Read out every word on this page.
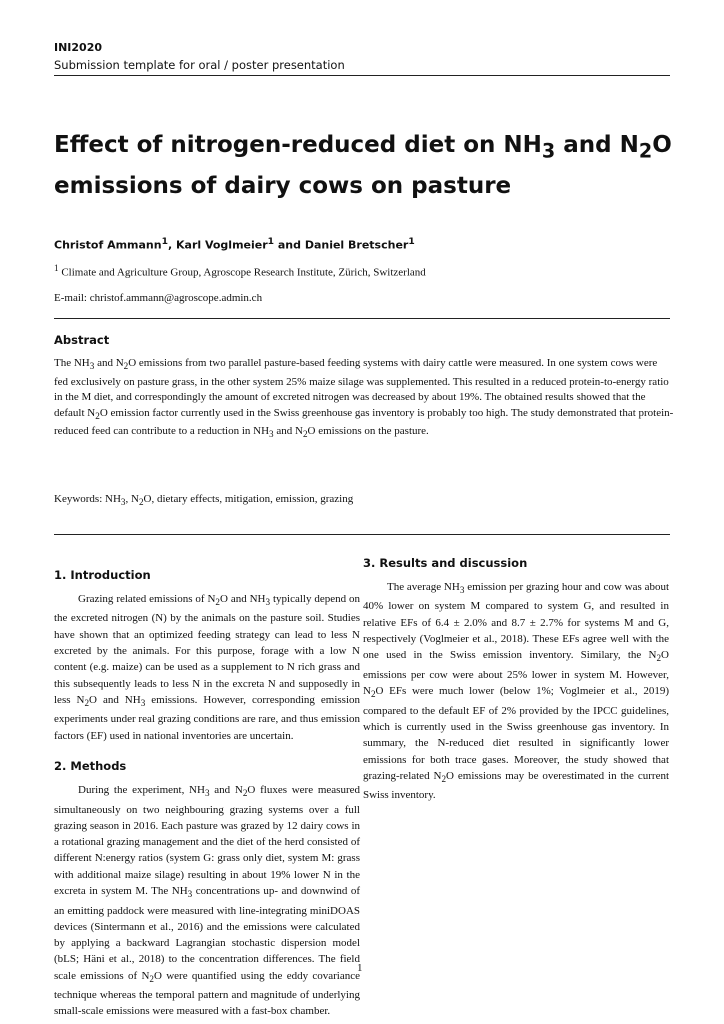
INI2020
Submission template for oral / poster presentation
Effect of nitrogen-reduced diet on $NH_3$ and $N_2O$
emissions of dairy cows on pasture
Christof Ammann$^1$, Karl Voglmeier$^1$ and Daniel Bretscher$^1$
$^1$ Climate and Agriculture Group, Agroscope Research Institute, Zürich, Switzerland
E-mail: christof.ammann@agroscope.admin.ch
Abstract

The $NH_3$ and $N_2O$ emissions from two parallel pasture-based feeding systems with dairy cattle were measured. In one system cows were fed exclusively on pasture grass, in the other system 25% maize silage was supplemented. This resulted in a reduced protein-to-energy ratio in the M diet, and correspondingly the amount of excreted nitrogen was decreased by about 19%. The obtained results showed that the default $N_2O$ emission factor currently used in the Swiss greenhouse gas inventory is probably too high. The study demonstrated that protein-reduced feed can contribute to a reduction in $NH_3$ and $N_2O$ emissions on the pasture.

Keywords: $NH_3$, $N_2O$, dietary effects, mitigation, emission, grazing

1. Introduction

Grazing related emissions of $N_2O$ and $NH_3$ typically depend on the excreted nitrogen (N) by the animals on the pasture soil. Studies have shown that an optimized feeding strategy can lead to less N excreted by the animals. For this purpose, forage with a low N content (e.g. maize) can be used as a supplement to N rich grass and this subsequently leads to less N in the excreta N and supposedly in less $N_2O$ and $NH_3$ emissions. However, corresponding emission experiments under real grazing conditions are rare, and thus emission factors (EF) used in national inventories are uncertain.

2. Methods

During the experiment, $NH_3$ and $N_2O$ fluxes were measured simultaneously on two neighbouring grazing systems over a full grazing season in 2016. Each pasture was grazed by 12 dairy cows in a rotational grazing management and the diet of the herd consisted of different N:energy ratios (system G: grass only diet, system M: grass with additional maize silage) resulting in about 19% lower N in the excreta in system M. The $NH_3$ concentrations up- and downwind of an emitting paddock were measured with line-integrating miniDOAS devices (Sintermann et al., 2016) and the emissions were calculated by applying a backward Lagrangian stochastic dispersion model (bLS; Häni et al., 2018) to the concentration differences. The field scale emissions of $N_2O$ were quantified using the eddy covariance technique whereas the temporal pattern and magnitude of underlying small-scale emissions were measured with a fast-box chamber.

3. Results and discussion

The average $NH_3$ emission per grazing hour and cow was about 40% lower on system M compared to system G, and resulted in relative EFs of 6.4 ± 2.0% and 8.7 ± 2.7% for systems M and G, respectively (Voglmeier et al., 2018). These EFs agree well with the one used in the Swiss emission inventory. Similary, the $N_2O$ emissions per cow were about 25% lower in system M. However, $N_2O$ EFs were much lower (below 1%; Voglmeier et al., 2019) compared to the default EF of 2% provided by the IPCC guidelines, which is currently used in the Swiss greenhouse gas inventory. In summary, the N-reduced diet resulted in significantly lower emissions for both trace gases. Moreover, the study showed that grazing-related $N_2O$ emissions may be overestimated in the current Swiss inventory.

1
